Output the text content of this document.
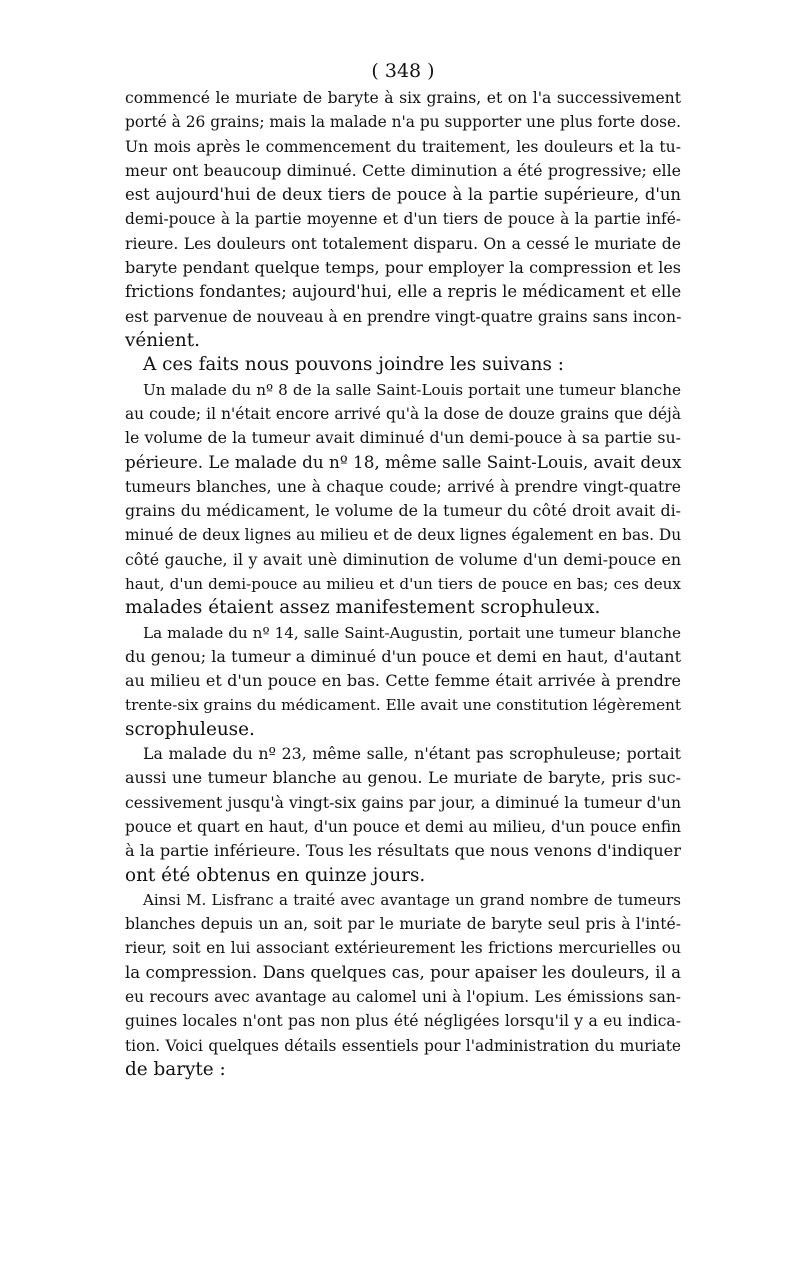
( 348 )
commencé le muriate de baryte à six grains, et on l'a successivement
porté à 26 grains; mais la malade n'a pu supporter une plus forte dose.
Un mois après le commencement du traitement, les douleurs et la tu-
meur ont beaucoup diminué. Cette diminution a été progressive; elle
est aujourd'hui de deux tiers de pouce à la partie supérieure, d'un
demi-pouce à la partie moyenne et d'un tiers de pouce à la partie infé-
rieure. Les douleurs ont totalement disparu. On a cessé le muriate de
baryte pendant quelque temps, pour employer la compression et les
frictions fondantes; aujourd'hui, elle a repris le médicament et elle
est parvenue de nouveau à en prendre vingt-quatre grains sans incon-
vénient.
A ces faits nous pouvons joindre les suivans :
Un malade du nº 8 de la salle Saint-Louis portait une tumeur blanche
au coude; il n'était encore arrivé qu'à la dose de douze grains que déjà
le volume de la tumeur avait diminué d'un demi-pouce à sa partie su-
périeure. Le malade du nº 18, même salle Saint-Louis, avait deux
tumeurs blanches, une à chaque coude; arrivé à prendre vingt-quatre
grains du médicament, le volume de la tumeur du côté droit avait di-
minué de deux lignes au milieu et de deux lignes également en bas. Du
côté gauche, il y avait unè diminution de volume d'un demi-pouce en
haut, d'un demi-pouce au milieu et d'un tiers de pouce en bas; ces deux
malades étaient assez manifestement scrophuleux.
La malade du nº 14, salle Saint-Augustin, portait une tumeur blanche
du genou; la tumeur a diminué d'un pouce et demi en haut, d'autant
au milieu et d'un pouce en bas. Cette femme était arrivée à prendre
trente-six grains du médicament. Elle avait une constitution légèrement
scrophuleuse.
La malade du nº 23, même salle, n'étant pas scrophuleuse; portait
aussi une tumeur blanche au genou. Le muriate de baryte, pris suc-
cessivement jusqu'à vingt-six gains par jour, a diminué la tumeur d'un
pouce et quart en haut, d'un pouce et demi au milieu, d'un pouce enfin
à la partie inférieure. Tous les résultats que nous venons d'indiquer
ont été obtenus en quinze jours.
Ainsi M. Lisfranc a traité avec avantage un grand nombre de tumeurs
blanches depuis un an, soit par le muriate de baryte seul pris à l'inté-
rieur, soit en lui associant extérieurement les frictions mercurielles ou
la compression. Dans quelques cas, pour apaiser les douleurs, il a
eu recours avec avantage au calomel uni à l'opium. Les émissions san-
guines locales n'ont pas non plus été négligées lorsqu'il y a eu indica-
tion. Voici quelques détails essentiels pour l'administration du muriate
de baryte :
